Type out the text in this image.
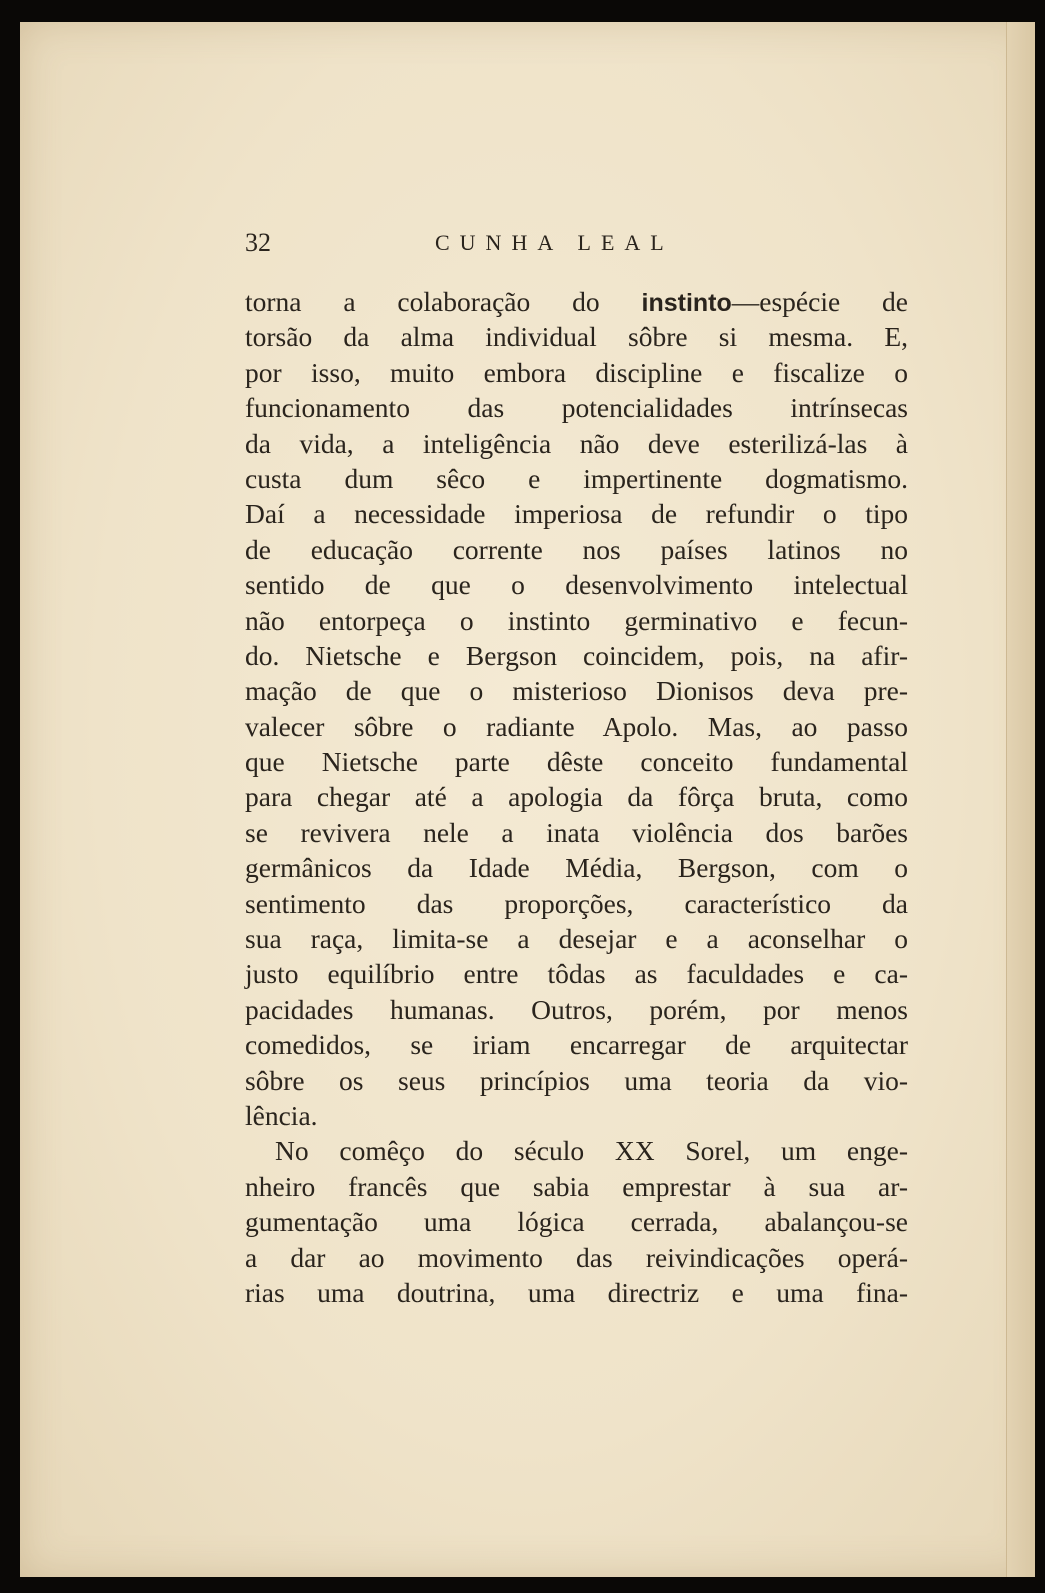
32	CUNHA LEAL
torna a colaboração do instinto—espécie de
torsão da alma individual sôbre si mesma. E,
por isso, muito embora discipline e fiscalize o
funcionamento das potencialidades intrínsecas
da vida, a inteligência não deve esterilizá-las à
custa dum sêco e impertinente dogmatismo.
Daí a necessidade imperiosa de refundir o tipo
de educação corrente nos países latinos no
sentido de que o desenvolvimento intelectual
não entorpeça o instinto germinativo e fecun-
do. Nietsche e Bergson coincidem, pois, na afir-
mação de que o misterioso Dionisos deva pre-
valecer sôbre o radiante Apolo. Mas, ao passo
que Nietsche parte dêste conceito fundamental
para chegar até a apologia da fôrça bruta, como
se revivera nele a inata violência dos barões
germânicos da Idade Média, Bergson, com o
sentimento das proporções, característico da
sua raça, limita-se a desejar e a aconselhar o
justo equilíbrio entre tôdas as faculdades e ca-
pacidades humanas. Outros, porém, por menos
comedidos, se iriam encarregar de arquitectar
sôbre os seus princípios uma teoria da vio-
lência.
No comêço do século XX Sorel, um enge-
nheiro francês que sabia emprestar à sua ar-
gumentação uma lógica cerrada, abalançou-se
a dar ao movimento das reivindicações operá-
rias uma doutrina, uma directriz e uma fina-
